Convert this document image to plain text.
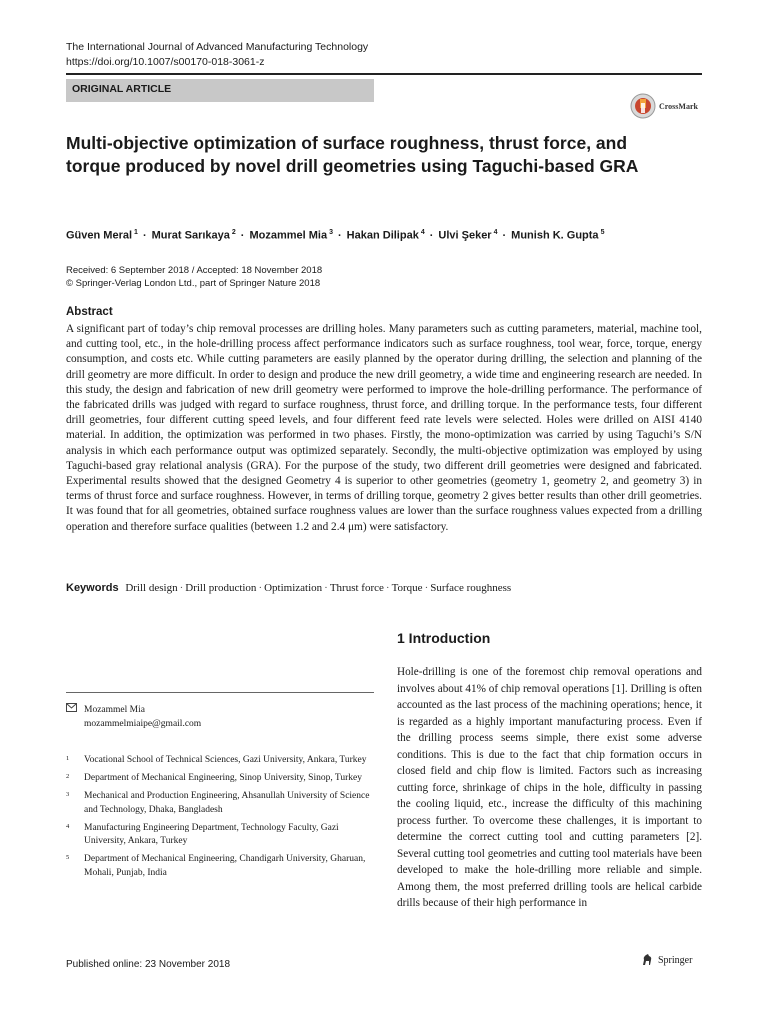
The International Journal of Advanced Manufacturing Technology
https://doi.org/10.1007/s00170-018-3061-z
ORIGINAL ARTICLE
CrossMark
Multi-objective optimization of surface roughness, thrust force, and torque produced by novel drill geometries using Taguchi-based GRA
Güven Meral $^1$ · Murat Sarıkaya $^2$ · Mozammel Mia $^3$ · Hakan Dilipak $^4$ · Ulvi Şeker $^4$ · Munish K. Gupta $^5$
Received: 6 September 2018 / Accepted: 18 November 2018
© Springer-Verlag London Ltd., part of Springer Nature 2018
Abstract

A significant part of today’s chip removal processes are drilling holes. Many parameters such as cutting parameters, material, machine tool, and cutting tool, etc., in the hole-drilling process affect performance indicators such as surface roughness, tool wear, force, torque, energy consumption, and costs etc. While cutting parameters are easily planned by the operator during drilling, the selection and planning of the drill geometry are more difficult. In order to design and produce the new drill geometry, a wide time and engineering research are needed. In this study, the design and fabrication of new drill geometry were performed to improve the hole-drilling performance. The performance of the fabricated drills was judged with regard to surface roughness, thrust force, and drilling torque. In the performance tests, four different drill geometries, four different cutting speed levels, and four different feed rate levels were selected. Holes were drilled on AISI 4140 material. In addition, the optimization was performed in two phases. Firstly, the mono-optimization was carried by using Taguchi’s S/N analysis in which each performance output was optimized separately. Secondly, the multi-objective optimization was employed by using Taguchi-based gray relational analysis (GRA). For the purpose of the study, two different drill geometries were designed and fabricated. Experimental results showed that the designed Geometry 4 is superior to other geometries (geometry 1, geometry 2, and geometry 3) in terms of thrust force and surface roughness. However, in terms of drilling torque, geometry 2 gives better results than other drill geometries. It was found that for all geometries, obtained surface roughness values are lower than the surface roughness values expected from a drilling operation and therefore surface qualities (between 1.2 and 2.4 μm) were satisfactory.

Keywords Drill design · Drill production · Optimization · Thrust force · Torque · Surface roughness
1 Introduction

Hole-drilling is one of the foremost chip removal operations and involves about 41% of chip removal operations [1]. Drilling is often accounted as the last process of the machining operations; hence, it is regarded as a highly important manufacturing process. Even if the drilling process seems simple, there exist some adverse conditions. This is due to the fact that chip formation occurs in closed field and chip flow is limited. Factors such as increasing cutting force, shrinkage of chips in the hole, difficulty in passing the cooling liquid, etc., increase the difficulty of this machining process further. To overcome these challenges, it is important to determine the correct cutting tool and cutting parameters [2]. Several cutting tool geometries and cutting tool materials have been developed to make the hole-drilling more reliable and simple. Among them, the most preferred drilling tools are helical carbide drills because of their high performance in

Mozammel Mia
mozammelmiaipe@gmail.com
1	Vocational School of Technical Sciences, Gazi University, Ankara, Turkey
2	Department of Mechanical Engineering, Sinop University, Sinop, Turkey
3	Mechanical and Production Engineering, Ahsanullah University of Science and Technology, Dhaka, Bangladesh
4	Manufacturing Engineering Department, Technology Faculty, Gazi University, Ankara, Turkey
5	Department of Mechanical Engineering, Chandigarh University, Gharuan, Mohali, Punjab, India
Published online: 23 November 2018	Springer
